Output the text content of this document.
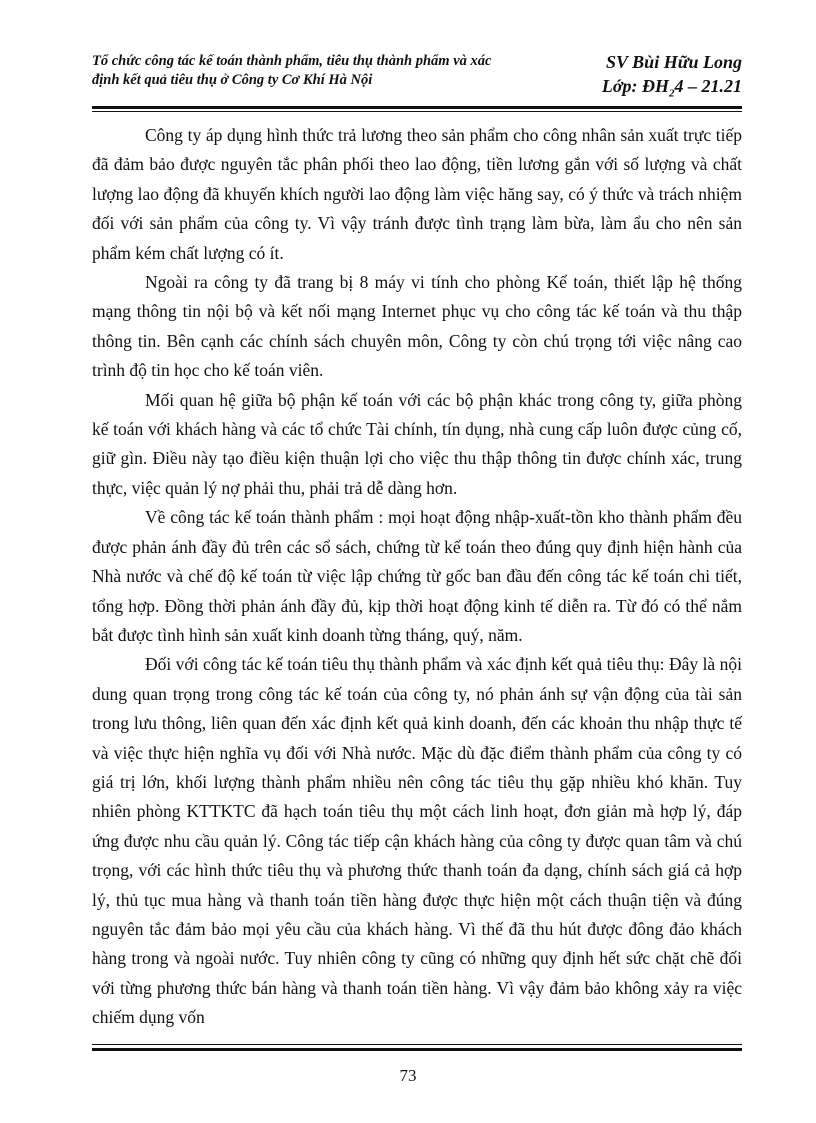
Tổ chức công tác kế toán thành phẩm, tiêu thụ thành phẩm và xác
định kết quả tiêu thụ ở Công ty Cơ Khí Hà Nội
SV Bùi Hữu Long
Lớp: $ĐH_24 - 21.21$

Công ty áp dụng hình thức trả lương theo sản phẩm cho công nhân sản xuất trực tiếp đã đảm bảo được nguyên tắc phân phối theo lao động, tiền lương gắn với số lượng và chất lượng lao động đã khuyến khích người lao động làm việc hăng say, có ý thức và trách nhiệm đối với sản phẩm của công ty. Vì vậy tránh được tình trạng làm bừa, làm ẩu cho nên sản phẩm kém chất lượng có ít.

Ngoài ra công ty đã trang bị 8 máy vi tính cho phòng Kế toán, thiết lập hệ thống mạng thông tin nội bộ và kết nối mạng Internet phục vụ cho công tác kế toán và thu thập thông tin. Bên cạnh các chính sách chuyên môn, Công ty còn chú trọng tới việc nâng cao trình độ tin học cho kế toán viên.

Mối quan hệ giữa bộ phận kế toán với các bộ phận khác trong công ty, giữa phòng kế toán với khách hàng và các tổ chức Tài chính, tín dụng, nhà cung cấp luôn được củng cố, giữ gìn. Điều này tạo điều kiện thuận lợi cho việc thu thập thông tin được chính xác, trung thực, việc quản lý nợ phải thu, phải trả dễ dàng hơn.

Về công tác kế toán thành phẩm : mọi hoạt động nhập-xuất-tồn kho thành phẩm đều được phản ánh đầy đủ trên các sổ sách, chứng từ kế toán theo đúng quy định hiện hành của Nhà nước và chế độ kế toán từ việc lập chứng từ gốc ban đầu đến công tác kế toán chi tiết, tổng hợp. Đồng thời phản ánh đầy đủ, kịp thời hoạt động kinh tế diễn ra. Từ đó có thể nắm bắt được tình hình sản xuất kinh doanh từng tháng, quý, năm.

Đối với công tác kế toán tiêu thụ thành phẩm và xác định kết quả tiêu thụ: Đây là nội dung quan trọng trong công tác kế toán của công ty, nó phản ánh sự vận động của tài sản trong lưu thông, liên quan đến xác định kết quả kinh doanh, đến các khoản thu nhập thực tế và việc thực hiện nghĩa vụ đối với Nhà nước. Mặc dù đặc điểm thành phẩm của công ty có giá trị lớn, khối lượng thành phẩm nhiều nên công tác tiêu thụ gặp nhiều khó khăn. Tuy nhiên phòng KTTKTC đã hạch toán tiêu thụ một cách linh hoạt, đơn giản mà hợp lý, đáp ứng được nhu cầu quản lý. Công tác tiếp cận khách hàng của công ty được quan tâm và chú trọng, với các hình thức tiêu thụ và phương thức thanh toán đa dạng, chính sách giá cả hợp lý, thủ tục mua hàng và thanh toán tiền hàng được thực hiện một cách thuận tiện và đúng nguyên tắc đảm bảo mọi yêu cầu của khách hàng. Vì thế đã thu hút được đông đảo khách hàng trong và ngoài nước. Tuy nhiên công ty cũng có những quy định hết sức chặt chẽ đối với từng phương thức bán hàng và thanh toán tiền hàng. Vì vậy đảm bảo không xảy ra việc chiếm dụng vốn

73
